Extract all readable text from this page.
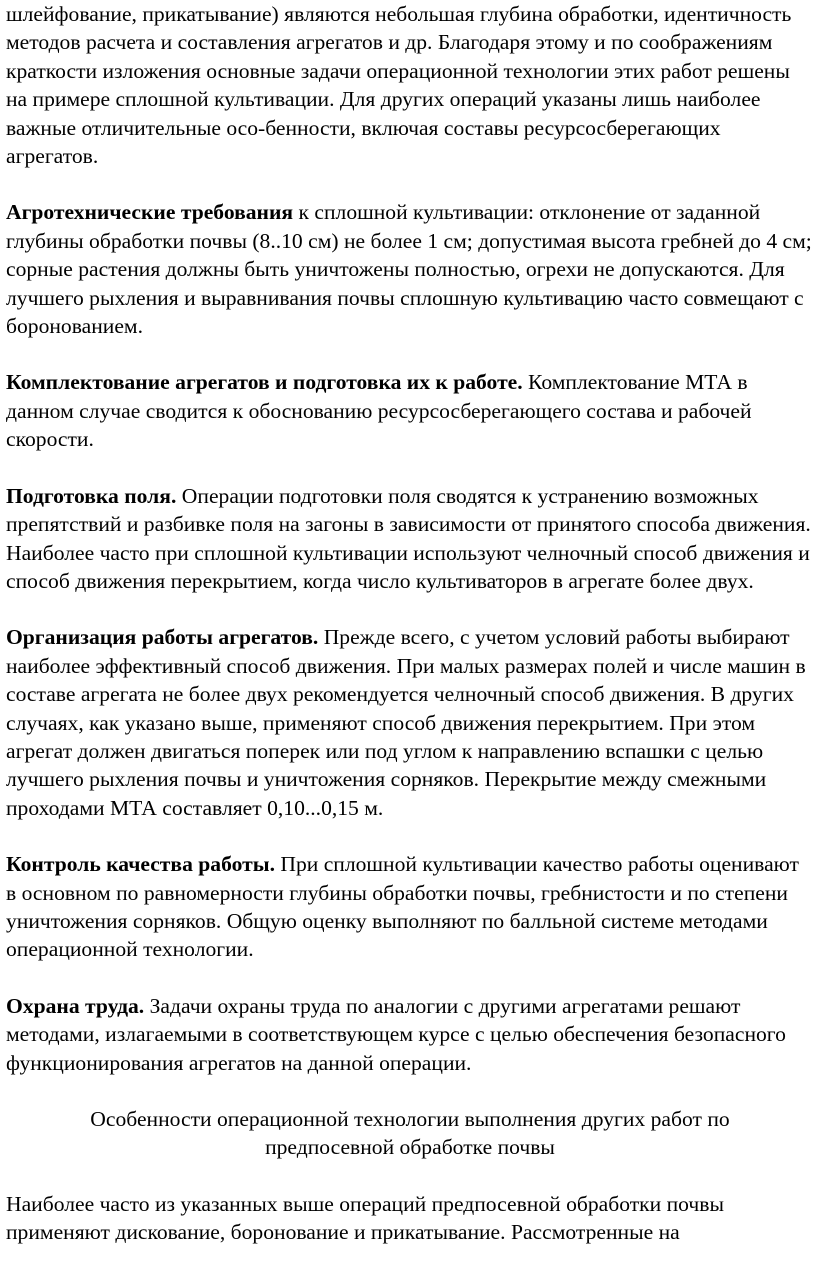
шлейфование, прикатывание) являются небольшая глубина обработки, идентичность методов расчета и составления агрегатов и др. Благодаря этому и по соображениям краткости изложения основные задачи операционной технологии этих работ решены на примере сплошной культивации. Для других операций указаны лишь наиболее важные отличительные осо-бенности, включая составы ресурсосберегающих агрегатов.

Агротехнические требования к сплошной культивации: отклонение от заданной глубины обработки почвы (8..10 см) не более 1 см; допустимая высота гребней до 4 см; сорные растения должны быть уничтожены полностью, огрехи не допускаются. Для лучшего рыхления и выравнивания почвы сплошную культивацию часто совмещают с боронованием.

Комплектование агрегатов и подготовка их к работе. Комплектование МТА в данном случае сводится к обоснованию ресурсосберегающего состава и рабочей скорости.

Подготовка поля. Операции подготовки поля сводятся к устранению возможных препятствий и разбивке поля на загоны в зависимости от принятого способа движения. Наиболее часто при сплошной культивации используют челночный способ движения и способ движения перекрытием, когда число культиваторов в агрегате более двух.

Организация работы агрегатов. Прежде всего, с учетом условий работы выбирают наиболее эффективный способ движения. При малых размерах полей и числе машин в составе агрегата не более двух рекомендуется челночный способ движения. В других случаях, как указано выше, применяют способ движения перекрытием. При этом агрегат должен двигаться поперек или под углом к направлению вспашки с целью лучшего рыхления почвы и уничтожения сорняков. Перекрытие между смежными проходами МТА составляет 0,10...0,15 м.

Контроль качества работы. При сплошной культивации качество работы оценивают в основном по равномерности глубины обработки почвы, гребнистости и по степени уничтожения сорняков. Общую оценку выполняют по балльной системе методами операционной технологии.

Охрана труда. Задачи охраны труда по аналогии с другими агрегатами решают методами, излагаемыми в соответствующем курсе с целью обеспечения безопасного функционирования агрегатов на данной операции.

Особенности операционной технологии выполнения других работ по предпосевной обработке почвы

Наиболее часто из указанных выше операций предпосевной обработки почвы применяют дискование, боронование и прикатывание. Рассмотренные на
